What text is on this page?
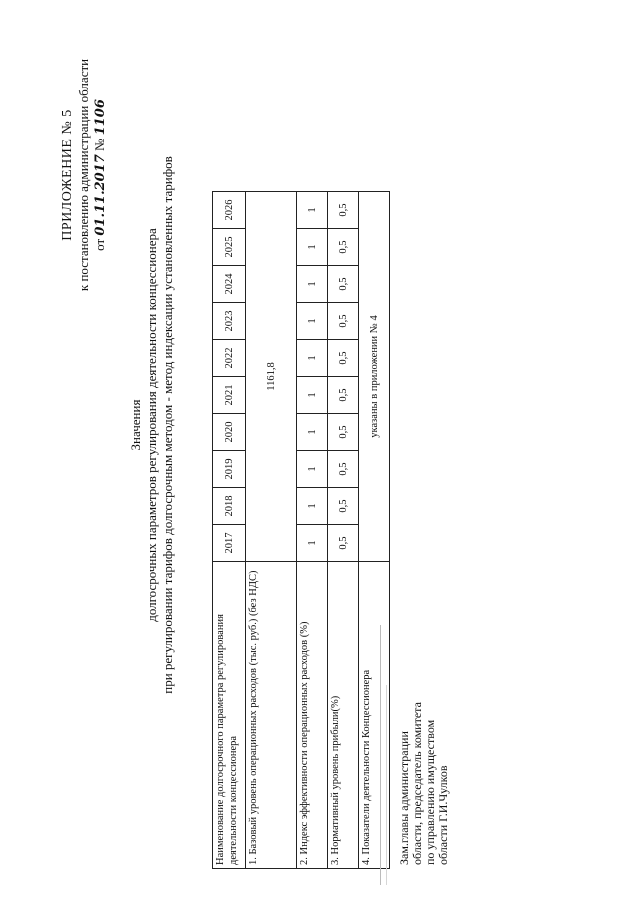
ПРИЛОЖЕНИЕ № 5 к постановлению администрации области от 01.11.2017 № 1106
Значения долгосрочных параметров регулирования деятельности концессионера при регулировании тарифов долгосрочным методом - метод индексации установленных тарифов
Наименование долгосрочного параметра регулирования деятельности концессионера	2017	2018	2019	2020	2021	2022	2023	2024	2025	2026
1. Базовый уровень операционных расходов (тыс. руб.) (без НДС)	1161,8									
2. Индекс эффективности операционных расходов (%)	1	1	1	1	1	1	1	1	1	1
3. Нормативный уровень прибыли(%)	0,5	0,5	0,5	0,5	0,5	0,5	0,5	0,5	0,5	0,5
4. Показатели деятельности Концессионера	указаны в приложении № 4									
Зам.главы администрации области, председатель комитета по управлению имуществом области Г.И.Чулков
